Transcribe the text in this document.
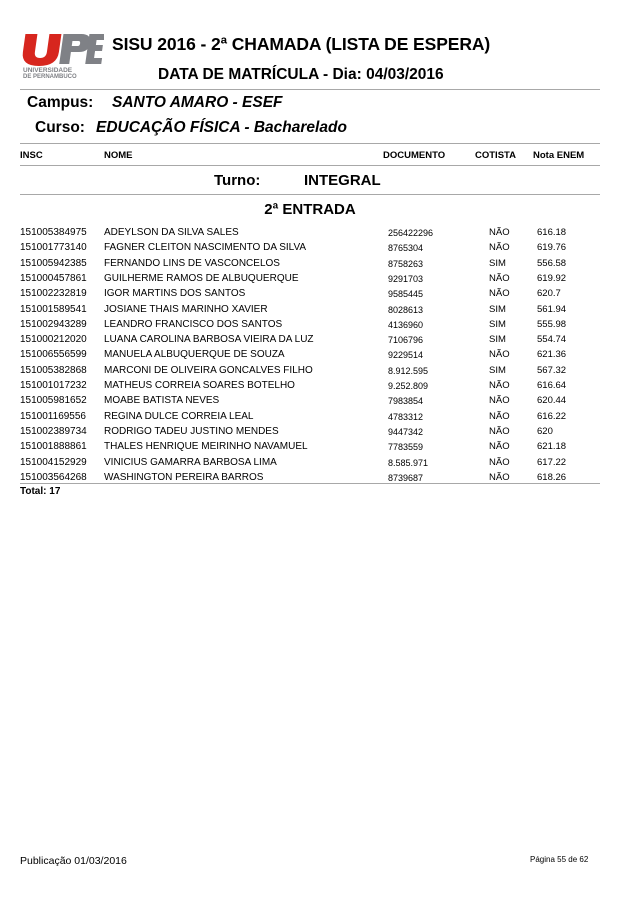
UNIVERSIDADE
DE PERNAMBUCO
SISU 2016 - 2ª CHAMADA (LISTA DE ESPERA)
DATA DE MATRÍCULA - Dia: 04/03/2016
Campus: SANTO AMARO - ESEF
Curso: EDUCAÇÃO FÍSICA - Bacharelado
INSC	NOME	DOCUMENTO	COTISTA Nota ENEM
Turno:	INTEGRAL
2ª ENTRADA
151005384975 ADEYLSON DA SILVA SALES	256422296	NÃO	616.18
151001773140 FAGNER CLEITON NASCIMENTO DA SILVA	8765304	NÃO	619.76
151005942385 FERNANDO LINS DE VASCONCELOS	8758263	SIM	556.58
151000457861 GUILHERME RAMOS DE ALBUQUERQUE	9291703	NÃO	619.92
151002232819 IGOR MARTINS DOS SANTOS	9585445	NÃO	620.7
151001589541 JOSIANE THAIS MARINHO XAVIER	8028613	SIM	561.94
151002943289 LEANDRO FRANCISCO DOS SANTOS	4136960	SIM	555.98
151000212020 LUANA CAROLINA BARBOSA VIEIRA DA LUZ	7106796	SIM	554.74
151006556599 MANUELA ALBUQUERQUE DE SOUZA	9229514	NÃO	621.36
151005382868 MARCONI DE OLIVEIRA GONCALVES FILHO	8.912.595	SIM	567.32
151001017232 MATHEUS CORREIA SOARES BOTELHO	9.252.809	NÃO	616.64
151005981652 MOABE BATISTA NEVES	7983854	NÃO	620.44
151001169556 REGINA DULCE CORREIA LEAL	4783312	NÃO	616.22
151002389734 RODRIGO TADEU JUSTINO MENDES	9447342	NÃO	620
151001888861 THALES HENRIQUE MEIRINHO NAVAMUEL	7783559	NÃO	621.18
151004152929 VINICIUS GAMARRA BARBOSA LIMA	8.585.971	NÃO	617.22
151003564268 WASHINGTON PEREIRA BARROS	8739687	NÃO	618.26
Total: 17
Publicação 01/03/2016	Página 55 de 62
